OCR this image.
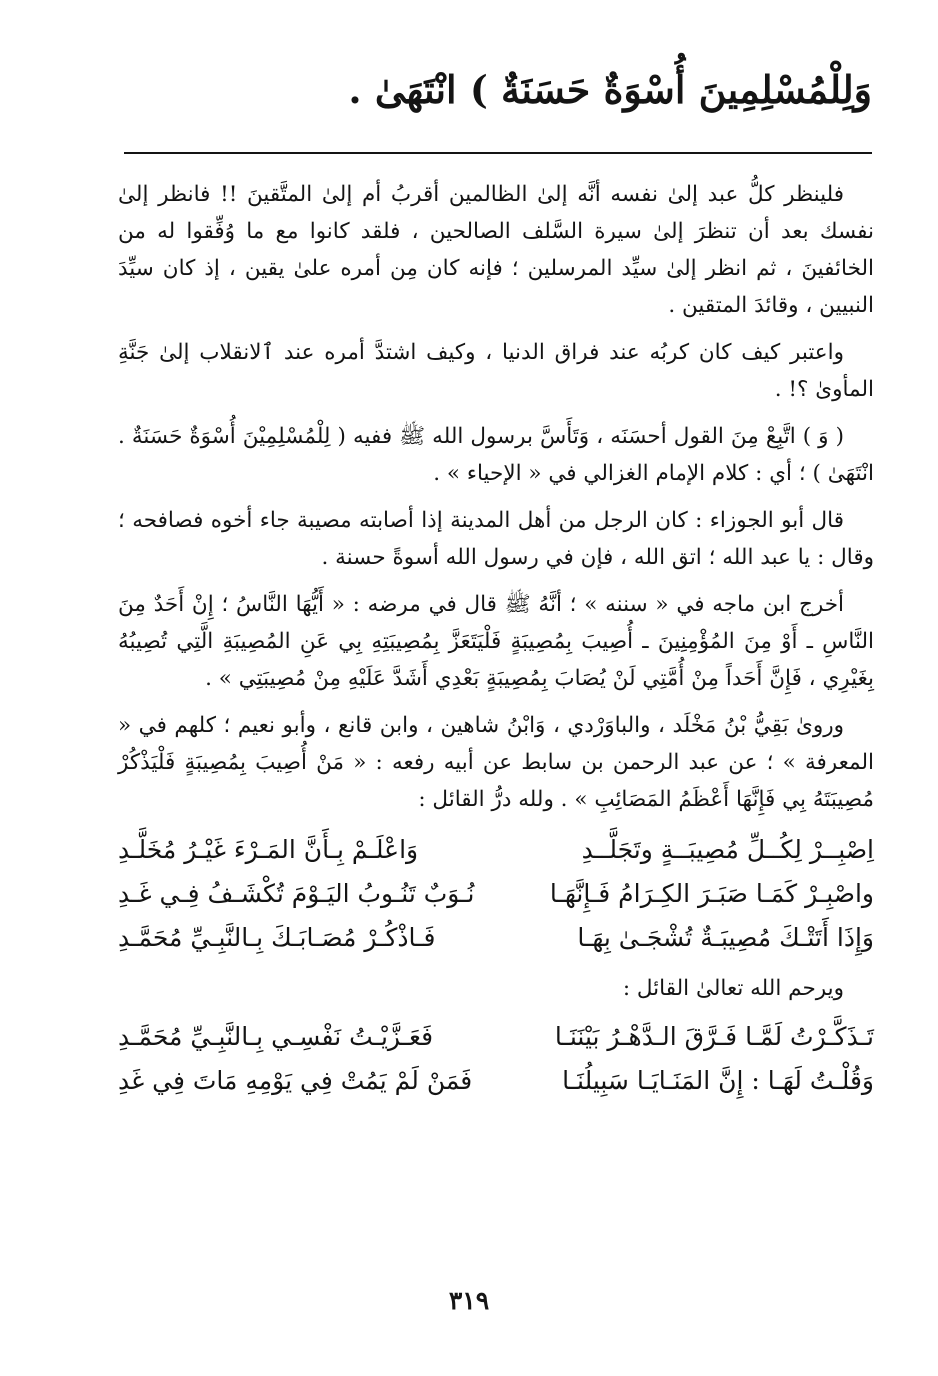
وَلِلْمُسْلِمِينَ أُسْوَةٌ حَسَنَةٌ ) انْتَهَىٰ .

فلينظر كلُّ عبد إلىٰ نفسه أنَّه إلىٰ الظالمين أقربُ أم إلىٰ المتَّقينَ !! فانظر إلىٰ نفسك بعد أن تنظرَ إلىٰ سيرة السَّلف الصالحين ، فلقد كانوا مع ما وُفِّقوا له من الخائفينَ ، ثم انظر إلىٰ سيِّد المرسلين ؛ فإنه كان مِن أمره علىٰ يقين ، إذ كان سيِّدَ النبيين ، وقائدَ المتقين .

واعتبر كيف كان كربُه عند فراق الدنيا ، وكيف اشتدَّ أمره عند ٱلانقلاب إلىٰ جَنَّةِ المأوىٰ ؟! .

( وَ ) اتَّبِعْ مِنَ القول أحسَنَه ، وَتَأَسَّ برسول الله ﷺ ففيه ( لِلْمُسْلِمِيْنَ أُسْوَةٌ حَسَنَةٌ . انْتَهَىٰ ) ؛ أي : كلام الإمام الغزالي في « الإحياء » .

قال أبو الجوزاء : كان الرجل من أهل المدينة إذا أصابته مصيبة جاء أخوه فصافحه ؛ وقال : يا عبد الله ؛ اتق الله ، فإن في رسول الله أسوةً حسنة .

أخرج ابن ماجه في « سننه » ؛ أنَّهُ ﷺ قال في مرضه : « أَيُّهَا النَّاسُ ؛ إِنْ أَحَدٌ مِنَ النَّاسِ ـ أَوْ مِنَ المُؤْمِنِينَ ـ أُصِيبَ بِمُصِيبَةٍ فَلْيَتَعَزَّ بِمُصِيبَتِهِ بِي عَنِ المُصِيبَةِ الَّتِي تُصِيبُهُ بِغَيْرِي ، فَإِنَّ أَحَداً مِنْ أُمَّتِي لَنْ يُصَابَ بِمُصِيبَةٍ بَعْدِي أَشَدَّ عَلَيْهِ مِنْ مُصِيبَتِي » .

وروىٰ بَقِيُّ بْنُ مَخْلَد ، والباوَرْدي ، وَابْنُ شاهين ، وابن قانع ، وأبو نعيم ؛ كلهم في « المعرفة » ؛ عن عبد الرحمن بن سابط عن أبيه رفعه : « مَنْ أُصِيبَ بِمُصِيبَةٍ فَلْيَذْكُرْ مُصِيبَتَهُ بِي فَإِنَّهَا أَعْظَمُ المَصَائِبِ » . ولله درُّ القائل :

اِصْبِــرْ لِكُــلِّ مُصِيبَــةٍ وتَجَلَّــدِ
وَاعْلَـمْ بِـأَنَّ المَـرْءَ غَيْـرُ مُخَلَّـدِ
واصْبِـرْ كَمَـا صَبَـرَ الكِـرَامُ فَـإِنَّهَـا
نُـوَبٌ تَنُـوبُ اليَـوْمَ تُكْشَـفُ فِـي غَـدِ
وَإِذَا أَتَتْـكَ مُصِيبَـةٌ تُشْجَـىٰ بِهَـا
فَـاذْكُـرْ مُصَـابَـكَ بِـالنَّبِـيِّ مُحَمَّـدِ

ويرحم الله تعالىٰ القائل :

تَـذَكَّـرْتُ لَمَّـا فَـرَّقَ الـدَّهْـرُ بَيْنَنَـا
فَعَـزَّيْـتُ نَفْسِـي بِـالنَّبِـيِّ مُحَمَّـدِ
وَقُلْـتُ لَهَـا : إِنَّ المَنَـايَـا سَبِيلُنَـا
فَمَنْ لَمْ يَمُتْ فِي يَوْمِهِ مَاتَ فِي غَدِ
٣١٩
